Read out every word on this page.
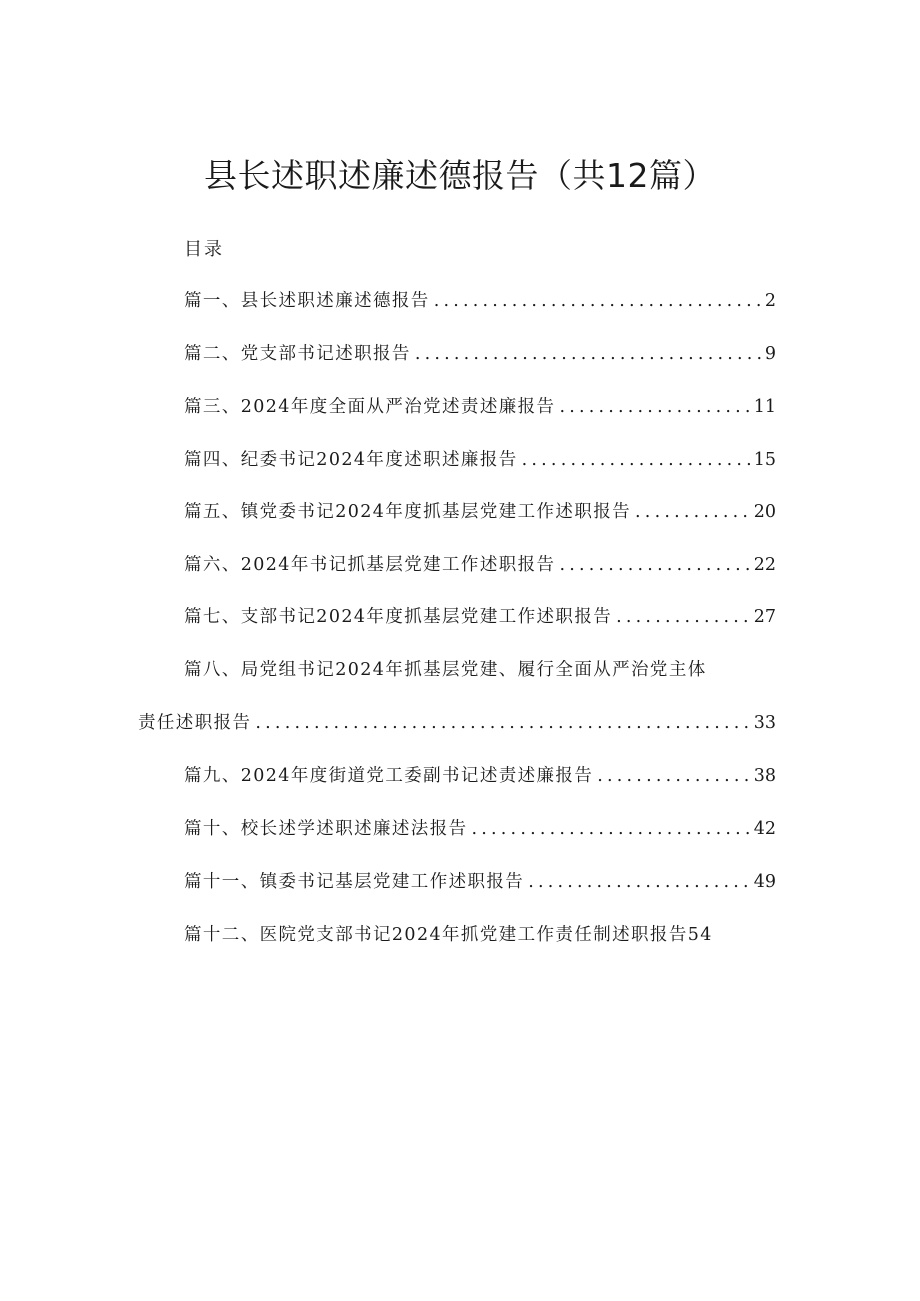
县长述职述廉述德报告（共12篇）
目录
篇一、县长述职述廉述德报告 .....	2
篇二、党支部书记述职报告 .....	9
篇三、2024年度全面从严治党述责述廉报告 .....	11
篇四、纪委书记2024年度述职述廉报告 .....	15
篇五、镇党委书记2024年度抓基层党建工作述职报告 .....	20
篇六、2024年书记抓基层党建工作述职报告 .....	22
篇七、支部书记2024年度抓基层党建工作述职报告 .....	27
篇八、局党组书记2024年抓基层党建、履行全面从严治党主体
责任述职报告 .....	33
篇九、2024年度街道党工委副书记述责述廉报告 .....	38
篇十、校长述学述职述廉述法报告 .....	42
篇十一、镇委书记基层党建工作述职报告 .....	49
篇十二、医院党支部书记2024年抓党建工作责任制述职报告54
